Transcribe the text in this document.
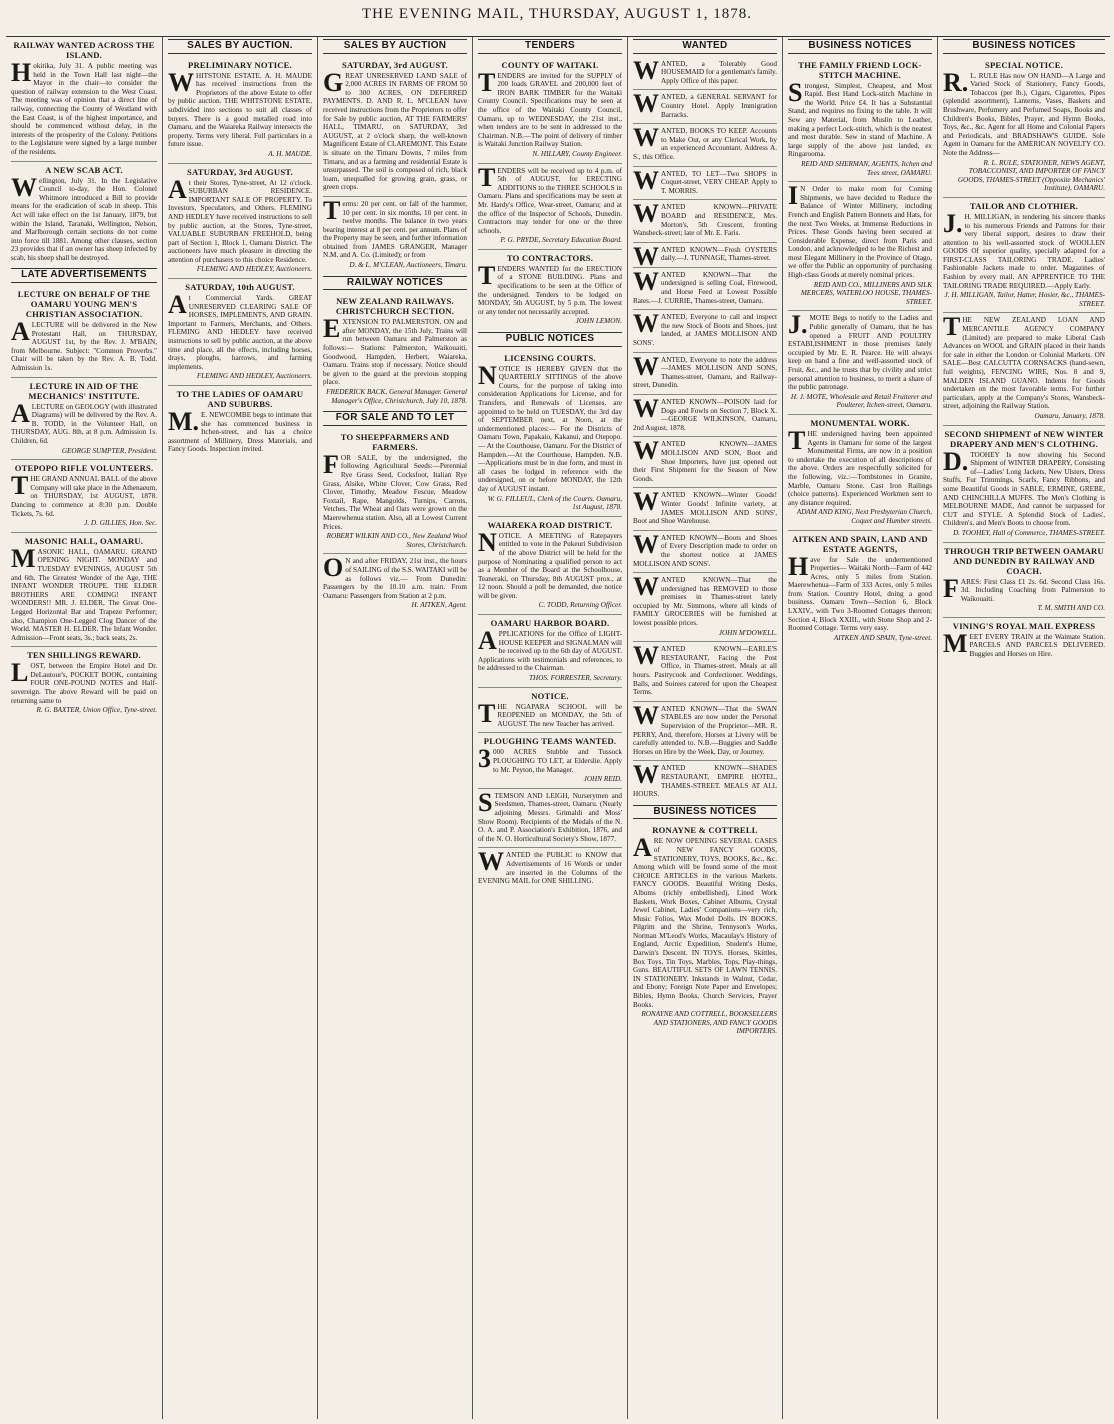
THE EVENING MAIL, THURSDAY, AUGUST 1, 1878.
RAILWAY WANTED ACROSS THE ISLAND.
Hokitika, July 31. A public meeting was held in the Town Hall last night—the Mayor in the chair—to consider the question of railway extension to the West Coast. The meeting was of opinion that a direct line of railway, connecting the County of Westland with the East Coast, is of the highest importance, and should be commenced without delay, in the interests of the prosperity of the Colony. Petitions to the Legislature were signed by a large number of the residents.
A NEW SCAB ACT.
Wellington, July 31. In the Legislative Council to-day, the Hon. Colonel Whitmore introduced a Bill to provide means for the eradication of scab in sheep. This Act will take effect on the 1st January, 1879, but within the Island, Taranaki, Wellington, Nelson, and Marlborough certain sections do not come into force till 1881. Among other clauses, section 23 provides that if an owner has sheep infected by scab, his sheep shall be destroyed.
LATE ADVERTISEMENTS
LECTURE ON BEHALF OF THE OAMARU YOUNG MEN'S CHRISTIAN ASSOCIATION.
ALECTURE will be delivered in the New Protestant Hall, on THURSDAY, AUGUST 1st, by the Rev. J. M'BAIN, from Melbourne. Subject: "Common Proverbs." Chair will be taken by the Rev. A. B. Todd. Admission 1s.
LECTURE IN AID OF THE MECHANICS' INSTITUTE.
ALECTURE on GEOLOGY (with illustrated Diagrams) will be delivered by the Rev. A. B. TODD, in the Volunteer Hall, on THURSDAY, AUG. 8th, at 8 p.m. Admission 1s. Children, 6d.
GEORGE SUMPTER, President.
OTEPOPO RIFLE VOLUNTEERS.
THE GRAND ANNUAL BALL of the above Company will take place in the Athenaeum, on THURSDAY, 1st AUGUST, 1878. Dancing to commence at 8:30 p.m. Double Tickets, 7s. 6d.
J. D. GILLIES, Hon. Sec.
MASONIC HALL, OAMARU.
MASONIC HALL, OAMARU. GRAND OPENING NIGHT. MONDAY and TUESDAY EVENINGS, AUGUST 5th and 6th. The Greatest Wonder of the Age, THE INFANT WONDER TROUPE. THE ELDER BROTHERS ARE COMING! INFANT WONDERS!! MR. J. ELDER, The Great One-Legged Horizontal Bar and Trapeze Performer; also, Champion One-Legged Clog Dancer of the World. MASTER H. ELDER. The Infant Wonder. Admission—Front seats, 3s.; back seats, 2s.
TEN SHILLINGS REWARD.
LOST, between the Empire Hotel and Dr. DeLautour's, POCKET BOOK, containing FOUR ONE-POUND NOTES and Half-sovereign. The above Reward will be paid on returning same to
R. G. BAXTER, Union Office, Tyne-street.
SALES BY AUCTION.
PRELIMINARY NOTICE.
WHITSTONE ESTATE. A. H. MAUDE has received instructions from the Proprietors of the above Estate to offer by public auction. THE WHITSTONE ESTATE, subdivided into sections to suit all classes of buyers. There is a good metalled road into Oamaru, and the Waiareka Railway intersects the property. Terms very liberal. Full particulars in a future issue.
A. H. MAUDE.
SATURDAY, 3rd AUGUST.
At their Stores, Tyne-street, At 12 o'clock. SUBURBAN RESIDENCE. IMPORTANT SALE OF PROPERTY. To Investors, Speculators, and Others. FLEMING AND HEDLEY have received instructions to sell by public auction, at the Stores, Tyne-street, VALUABLE SUBURBAN FREEHOLD, being part of Section 1, Block 1, Oamaru District. The auctioneers have much pleasure in directing the attention of purchasers to this choice Residence.
FLEMING AND HEDLEY, Auctioneers.
SATURDAY, 10th AUGUST.
At Commercial Yards. GREAT UNRESERVED CLEARING SALE OF HORSES, IMPLEMENTS, AND GRAIN. Important to Farmers, Merchants, and Others. FLEMING AND HEDLEY have received instructions to sell by public auction, at the above time and place, all the effects, including horses, drays, ploughs, harrows, and farming implements.
FLEMING AND HEDLEY, Auctioneers.
TO THE LADIES OF OAMARU AND SUBURBS.
M.E. NEWCOMBE begs to intimate that she has commenced business in Itchen-street, and has a choice assortment of Millinery, Dress Materials, and Fancy Goods. Inspection invited.
SALES BY AUCTION
SATURDAY, 3rd AUGUST.
GREAT UNRESERVED LAND SALE of 2,000 ACRES IN FARMS OF FROM 50 to 300 ACRES, ON DEFERRED PAYMENTS. D. AND R. L. M'CLEAN have received instructions from the Proprietors to offer for Sale by public auction, AT THE FARMERS' HALL, TIMARU, on SATURDAY, 3rd AUGUST, at 2 o'clock sharp, the well-known Magnificent Estate of CLAREMONT. This Estate is situate on the Timaru Downs, 7 miles from Timaru, and as a farming and residential Estate is unsurpassed. The soil is composed of rich, black loam, unequalled for growing grain, grass, or green crops.
Terms: 20 per cent. on fall of the hammer, 10 per cent. in six months, 10 per cent. in twelve months. The balance in two years bearing interest at 8 per cent. per annum. Plans of the Property may be seen, and further information obtained from JAMES GRANGER, Manager N.M. and A. Co. (Limited); or from
D. & L. M'CLEAN, Auctioneers, Timaru.
RAILWAY NOTICES
NEW ZEALAND RAILWAYS. CHRISTCHURCH SECTION.
EXTENSION TO PALMERSTON. ON and after MONDAY, the 15th July, Trains will run between Oamaru and Palmerston as follows:— Stations: Palmerston, Waikouaiti, Goodwood, Hampden, Herbert, Waiareka, Oamaru. Trains stop if necessary. Notice should be given to the guard at the previous stopping place.
FREDERICK BACK, General Manager. General Manager's Office, Christchurch, July 10, 1878.
FOR SALE AND TO LET
TO SHEEPFARMERS AND FARMERS.
FOR SALE, by the undersigned, the following Agricultural Seeds:—Perennial Rye Grass Seed, Cocksfoot, Italian Rye Grass, Alsike, White Clover, Cow Grass, Red Clover, Timothy, Meadow Fescue, Meadow Foxtail, Rape, Mangolds, Turnips, Carrots, Vetches. The Wheat and Oats were grown on the Maerewhenua station. Also, all at Lowest Current Prices.
ROBERT WILKIN AND CO., New Zealand Wool Stores, Christchurch.
ON and after FRIDAY, 21st inst., the hours of SAILING of the S.S. WAITAKI will be as follows viz.— From Dunedin: Passengers by the 10.10 a.m. train. From Oamaru: Passengers from Station at 2 p.m.
H. AITKEN, Agent.
TENDERS
COUNTY OF WAITAKI.
TENDERS are invited for the SUPPLY of 200 loads GRAVEL and 200,000 feet of IRON BARK TIMBER for the Waitaki County Council. Specifications may be seen at the office of the Waitaki County Council, Oamaru, up to WEDNESDAY, the 21st inst., when tenders are to be sent in addressed to the Chairman. N.B.—The point of delivery of timber is Waitaki Junction Railway Station.
N. HILLARY, County Engineer.
TENDERS will be received up to 4 p.m. of 5th of AUGUST, for ERECTING ADDITIONS to the THREE SCHOOLS in Oamaru. Plans and specifications may be seen at Mr. Hardy's Office, Wear-street, Oamaru; and at the office of the Inspector of Schools, Dunedin. Contractors may tender for one or the three schools.
P. G. PRYDE, Secretary Education Board.
TO CONTRACTORS.
TENDERS WANTED for the ERECTION of a STONE BUILDING. Plans and specifications to be seen at the Office of the undersigned. Tenders to be lodged on MONDAY, 5th AUGUST, by 5 p.m. The lowest or any tender not necessarily accepted.
JOHN LEMON.
PUBLIC NOTICES
LICENSING COURTS.
NOTICE IS HEREBY GIVEN that the QUARTERLY SITTINGS of the above Courts, for the purpose of taking into consideration Applications for License, and for Transfers, and Renewals of Licenses, are appointed to be held on TUESDAY, the 3rd day of SEPTEMBER next, at Noon, at the undermentioned places:— For the Districts of Oamaru Town, Papakaio, Kakanui, and Otepopo.— At the Courthouse, Oamaru. For the District of Hampden.—At the Courthouse, Hampden. N.B.—Applications must be in due form, and must in all cases be lodged in reference with the undersigned, on or before MONDAY, the 12th day of AUGUST instant.
W. G. FILLEUL, Clerk of the Courts. Oamaru, 1st August, 1878.
WAIAREKA ROAD DISTRICT.
NOTICE. A MEETING of Ratepayers entitled to vote in the Pukeuri Subdivision of the above District will be held for the purpose of Nominating a qualified person to act as a Member of the Board at the Schoolhouse, Teaneraki, on Thursday, 8th AUGUST prox., at 12 noon. Should a poll be demanded, due notice will be given.
C. TODD, Returning Officer.
OAMARU HARBOR BOARD.
APPLICATIONS for the Office of LIGHT-HOUSE KEEPER and SIGNALMAN will be received up to the 6th day of AUGUST. Applications with testimonials and references, to be addressed to the Chairman.
THOS. FORRESTER, Secretary.
NOTICE.
THE NGAPARA SCHOOL will be REOPENED on MONDAY, the 5th of AUGUST. The new Teacher has arrived.
PLOUGHING TEAMS WANTED.
3000 ACRES Stubble and Tussock PLOUGHING TO LET, at Elderslie. Apply to Mr. Peyton, the Manager.
JOHN REID.
STEMSON AND LEIGH, Nurserymen and Seedsmen, Thames-street, Oamaru. (Nearly adjoining Messrs. Grimaldi and Moss' Show Room). Recipients of the Medals of the N. O. A. and P. Association's Exhibition, 1876, and of the N. O. Horticultural Society's Show, 1877.
WANTED the PUBLIC to KNOW that Advertisements of 16 Words or under are inserted in the Columns of the EVENING MAIL for ONE SHILLING.
WANTED
WANTED, a Tolerably Good HOUSEMAID for a gentleman's family. Apply Office of this paper.
WANTED, a GENERAL SERVANT for Country Hotel. Apply Immigration Barracks.
WANTED, BOOKS TO KEEP. Accounts to Make Out, or any Clerical Work, by an experienced Accountant. Address A. S., this Office.
WANTED, TO LET—Two SHOPS in Coquet-street, VERY CHEAP. Apply to T. MORRIS.
WANTED KNOWN—PRIVATE BOARD and RESIDENCE, Mrs. Morton's, 5th Crescent, fronting Wansbeck-street; late of Mr. E. Faris.
WANTED KNOWN—Fresh OYSTERS daily.—J. TUNNAGE, Thames-street.
WANTED KNOWN—That the undersigned is selling Coal, Firewood, and Horse Feed at Lowest Possible Rates.—J. CURRIE, Thames-street, Oamaru.
WANTED, Everyone to call and inspect the new Stock of Boots and Shoes, just landed, at JAMES MOLLISON AND SONS'.
WANTED, Everyone to note the address—JAMES MOLLISON AND SONS, Thames-street, Oamaru, and Railway-street, Dunedin.
WANTED KNOWN—POISON laid for Dogs and Fowls on Section 7, Block X.—GEORGE WILKINSON, Oamaru, 2nd August, 1878.
WANTED KNOWN—JAMES MOLLISON AND SON, Boot and Shoe Importers, have just opened out their First Shipment for the Season of New Goods.
WANTED KNOWN—Winter Goods! Winter Goods! Infinite variety, at JAMES MOLLISON AND SONS', Boot and Shoe Warehouse.
WANTED KNOWN—Boots and Shoes of Every Description made to order on the shortest notice at JAMES MOLLISON AND SONS'.
WANTED KNOWN—That the undersigned has REMOVED to those premises in Thames-street lately occupied by Mr. Simmons, where all kinds of FAMILY GROCERIES will be furnished at lowest possible prices.
JOHN M'DOWELL.
WANTED KNOWN—EARLE'S RESTAURANT, Facing the Post Office, in Thames-street. Meals at all hours. Pastrycook and Confectioner. Weddings, Balls, and Soirees catered for upon the Cheapest Terms.
WANTED KNOWN—That the SWAN STABLES are now under the Personal Supervision of the Proprietor—MR. R. PERRY, And, therefore, Horses at Livery will be carefully attended to. N.B.—Buggies and Saddle Horses on Hire by the Week, Day, or Journey.
WANTED KNOWN—SHADES RESTAURANT, EMPIRE HOTEL, THAMES-STREET. MEALS AT ALL HOURS.
BUSINESS NOTICES
RONAYNE & COTTRELL
ARE NOW OPENING SEVERAL CASES of NEW FANCY GOODS, STATIONERY, TOYS, BOOKS, &c., &c. Among which will be found some of the most CHOICE ARTICLES in the various Markets. FANCY GOODS. Beautiful Writing Desks, Albums (richly embellished), Lined Work Baskets, Work Boxes, Cabinet Albums, Crystal Jewel Cabinet, Ladies' Companions—very rich, Music Folios, Wax Model Dolls. IN BOOKS. Pilgrim and the Shrine, Tennyson's Works, Norman M'Leod's Works, Macaulay's History of England, Arctic Expedition, Student's Hume, Darwin's Descent. IN TOYS. Horses, Skittles, Box Toys, Tin Toys, Marbles, Tops, Play-things, Guns. BEAUTIFUL SETS OF LAWN TENNIS. IN STATIONERY. Inkstands in Walnut, Cedar, and Ebony; Foreign Note Paper and Envelopes; Bibles, Hymn Books, Church Services, Prayer Books.
RONAYNE AND COTTRELL, BOOKSELLERS AND STATIONERS, AND FANCY GOODS IMPORTERS.
BUSINESS NOTICES
THE FAMILY FRIEND LOCK-STITCH MACHINE.
Strongest, Simplest, Cheapest, and Most Rapid. Best Hand Lock-stitch Machine in the World. Price £4. It has a Substantial Stand, and requires no fixing to the table. It will Sew any Material, from Muslin to Leather, making a perfect Lock-stitch, which is the neatest and most durable. Sew in stand of Machine. A large supply of the above just landed, ex Ringarooma.
REID AND SHERMAN, AGENTS, Itchen and Tees street, OAMARU.
IN Order to make room for Coming Shipments, we have decided to Reduce the Balance of Winter Millinery, including French and English Pattern Bonnets and Hats, for the next Two Weeks, at Immense Reductions in Prices. These Goods having been secured at Considerable Expense, direct from Paris and London, and acknowledged to be the Richest and most Elegant Millinery in the Province of Otago, we offer the Public an opportunity of purchasing High-class Goods at merely nominal prices.
REID AND CO., MILLINERS AND SILK MERCERS, WATERLOO HOUSE, THAMES-STREET.
J.MOTE Begs to notify to the Ladies and Public generally of Oamaru, that he has opened a FRUIT AND POULTRY ESTABLISHMENT in those premises lately occupied by Mr. E. R. Pearce. He will always keep on hand a fine and well-assorted stock of Fruit, &c., and he trusts that by civility and strict personal attention to business, to merit a share of the public patronage.
H. J. MOTE, Wholesale and Retail Fruiterer and Poulterer, Itchen-street, Oamaru.
MONUMENTAL WORK.
THE undersigned having been appointed Agents in Oamaru for some of the largest Monumental Firms, are now in a position to undertake the execution of all descriptions of the above. Orders are respectfully solicited for the following, viz.:—Tombstones in Granite, Marble, Oamaru Stone. Cast Iron Railings (choice patterns). Experienced Workmen sent to any distance required.
ADAM AND KING, Next Presbyterian Church, Coquet and Humber streets.
AITKEN AND SPAIN, LAND AND ESTATE AGENTS,
Have for Sale the undermentioned Properties— Waitaki North—Farm of 442 Acres, only 5 miles from Station. Maerewhenua—Farm of 333 Acres, only 5 miles from Station. Country Hotel, doing a good business. Oamaru Town—Section 6, Block LXXIV., with Two 3-Roomed Cottages thereon; Section 4, Block XXIII., with Stone Shop and 2-Roomed Cottage. Terms very easy.
AITKEN AND SPAIN, Tyne-street.
BUSINESS NOTICES
SPECIAL NOTICE.
R.L. RULE Has now ON HAND—A Large and Varied Stock of Stationery, Fancy Goods, Tobaccos (per lb.), Cigars, Cigarettes, Pipes (splendid assortment), Lanterns, Vases, Baskets and Brushware, Perfumery and Perfumed Soaps, Books and Children's Books, Bibles, Prayer, and Hymn Books, Toys, &c., &c. Agent for all Home and Colonial Papers and Periodicals, and BRADSHAW'S GUIDE. Sole Agent in Oamaru for the AMERICAN NOVELTY CO. Note the Address—
R. L. RULE, STATIONER, NEWS AGENT, TOBACCONIST, AND IMPORTER OF FANCY GOODS, THAMES-STREET (Opposite Mechanics' Institute), OAMARU.
TAILOR AND CLOTHIER.
J.H. MILLIGAN, in tendering his sincere thanks to his numerous Friends and Patrons for their very liberal support, desires to draw their attention to his well-assorted stock of WOOLLEN GOODS Of superior quality, specially adapted for a FIRST-CLASS TAILORING TRADE. Ladies' Fashionable Jackets made to order. Magazines of Fashion by every mail. AN APPRENTICE TO THE TAILORING TRADE REQUIRED.—Apply Early.
J. H. MILLIGAN, Tailor, Hatter, Hosier, &c., THAMES-STREET.
THE NEW ZEALAND LOAN AND MERCANTILE AGENCY COMPANY (Limited) are prepared to make Liberal Cash Advances on WOOL and GRAIN placed in their hands for sale in either the London or Colonial Markets. ON SALE—Best CALCUTTA CORNSACKS (hand-sewn, full weights), FENCING WIRE, Nos. 8 and 9, MALDEN ISLAND GUANO. Indents for Goods undertaken on the most favorable terms. For further particulars, apply at the Company's Stores, Wansbeck-street, adjoining the Railway Station.
Oamaru, January, 1878.
SECOND SHIPMENT of NEW WINTER DRAPERY AND MEN'S CLOTHING.
D.TOOHEY Is now showing his Second Shipment of WINTER DRAPERY, Consisting of—Ladies' Long Jackets, New Ulsters, Dress Stuffs, Fur Trimmings, Scarfs, Fancy Ribbons, and some Beautiful Goods in SABLE, ERMINE, GREBE, AND CHINCHILLA MUFFS. The Men's Clothing is MELBOURNE MADE, And cannot be surpassed for CUT and STYLE. A Splendid Stock of Ladies', Children's, and Men's Boots to choose from.
D. TOOHEY, Hall of Commerce, THAMES-STREET.
THROUGH TRIP BETWEEN OAMARU AND DUNEDIN BY RAILWAY AND COACH.
FARES: First Class £1 2s. 6d. Second Class 16s. 3d. Including Coaching from Palmerston to Waikouaiti.
T. M. SMITH AND CO.
VINING'S ROYAL MAIL EXPRESS
MEET EVERY TRAIN at the Waimate Station. PARCELS AND PARCELS DELIVERED. Buggies and Horses on Hire.
